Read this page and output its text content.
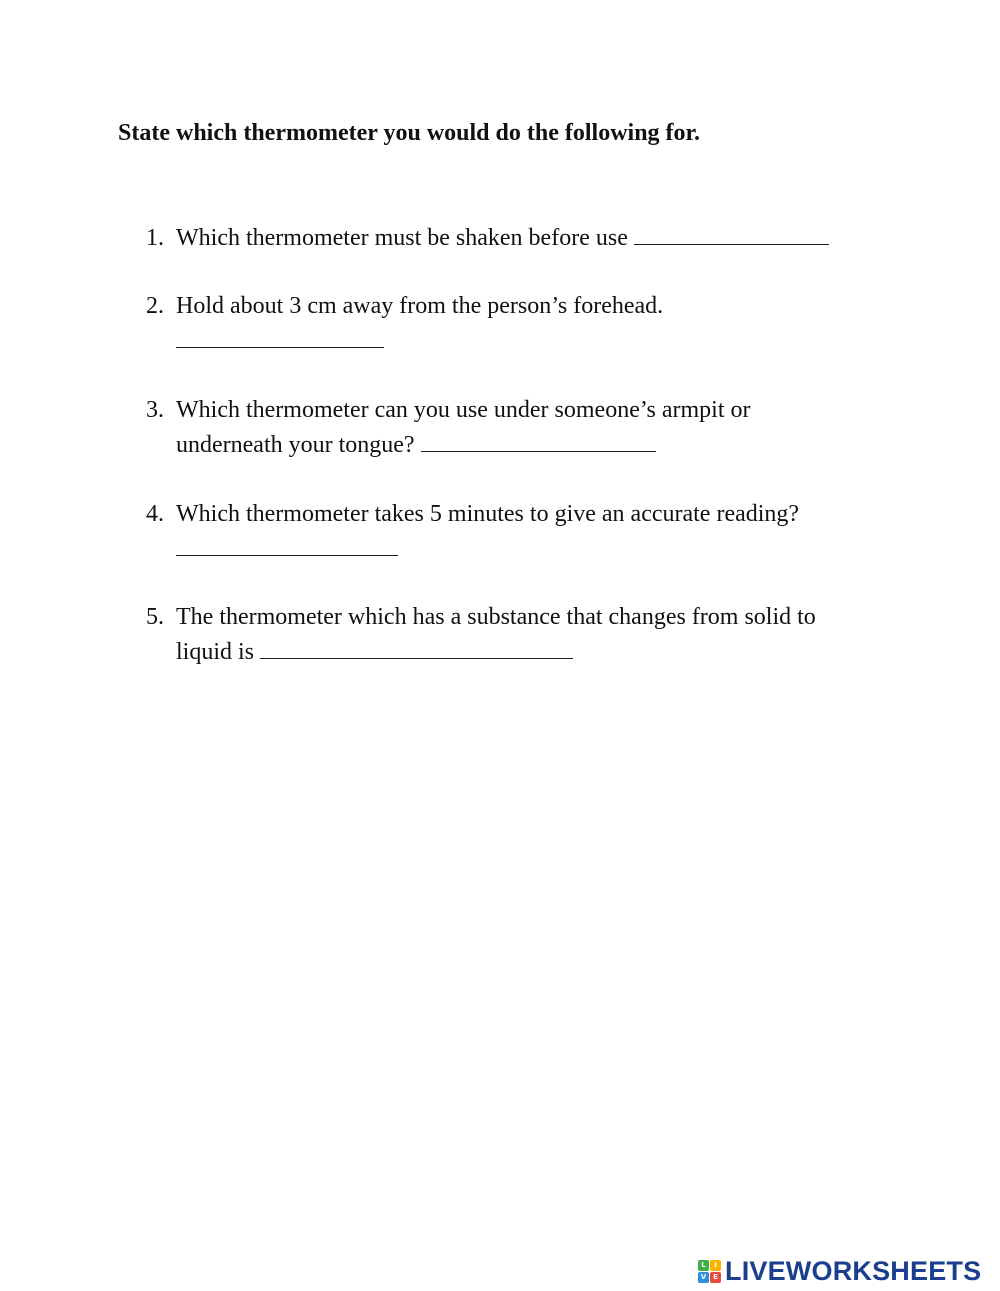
State which thermometer you would do the following for.
1. Which thermometer must be shaken before use
2. Hold about 3 cm away from the person’s forehead.
3. Which thermometer can you use under someone’s armpit or
underneath your tongue?
4. Which thermometer takes 5 minutes to give an accurate reading?
5. The thermometer which has a substance that changes from solid to
liquid is
L	I
V E LIVEWORKSHEETS
